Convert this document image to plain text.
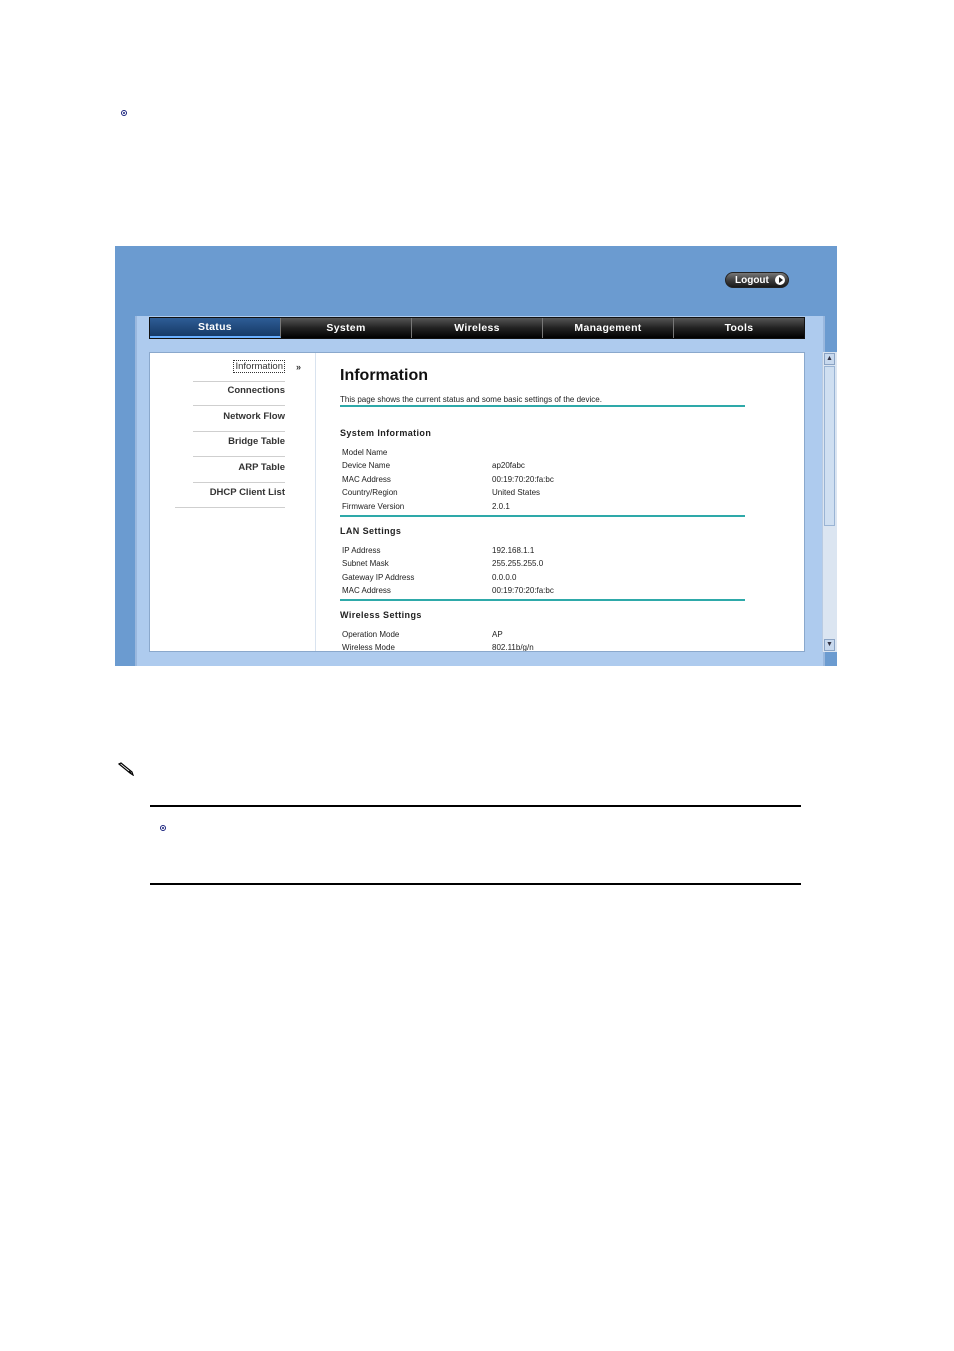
Logout
Status	System	Wireless	Management	Tools
Information »
Connections
Network Flow
Bridge Table
ARP Table
DHCP Client List
Information
This page shows the current status and some basic settings of the device.
System Information
Model Name
Device Name	ap20fabc
MAC Address	00:19:70:20:fa:bc
Country/Region	United States
Firmware Version	2.0.1
LAN Settings
IP Address	192.168.1.1
Subnet Mask	255.255.255.0
Gateway IP Address	0.0.0.0
MAC Address	00:19:70:20:fa:bc
Wireless Settings
Operation Mode	AP
Wireless Mode	802.11b/g/n
▲
▼
